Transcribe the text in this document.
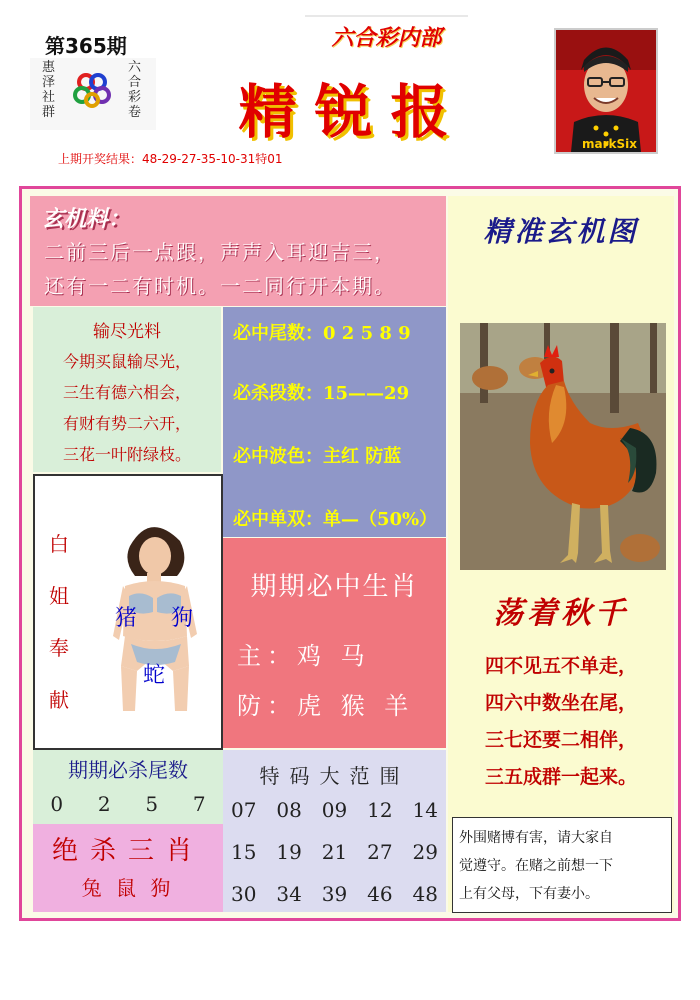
第365期
惠
泽
社
群
六
合
彩
卷
六合彩内部
精锐报	markSix
上期开奖结果：48-29-27-35-10-31特01
玄机料：
二前三后一点跟，声声入耳迎吉三，
还有一二有时机。一二同行开本期。
输尽光料
今期买鼠输尽光，
三生有德六相会，
有财有势二六开，
三花一叶附绿枝。
必中尾数：0 2 5 8 9
必杀段数：15——29
必中波色：主红 防蓝
必中单双：单—（50%）
白
姐
奉
献
猪 狗
蛇
期期必中生肖
主：鸡 马
防：虎 猴 羊
期期必杀尾数
0 2 5 7
绝杀三肖
兔 鼠 狗
特码大范围
07 08 09 12 14
15 19 21 27 29
30 34 39 46 48
精准玄机图
荡着秋千
四不见五不单走，
四六中数坐在尾，
三七还要二相伴，
三五成群一起来。
外围赌博有害，请大家自
觉遵守。在赌之前想一下
上有父母，下有妻小。
